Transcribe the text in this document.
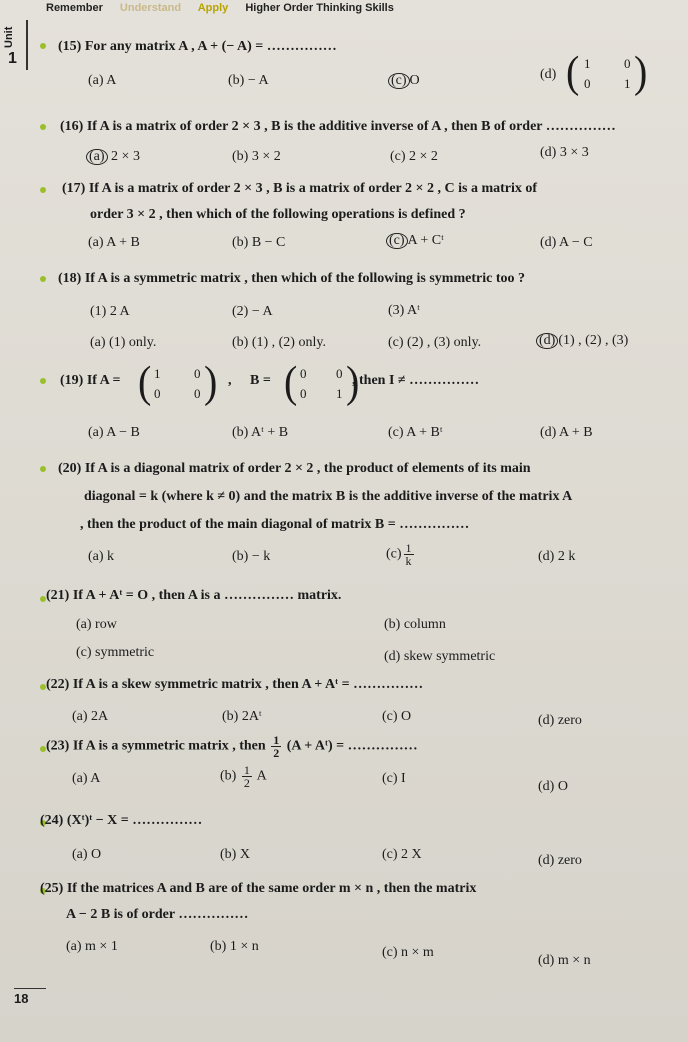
Remember Understand Apply Higher Order Thinking Skills
Unit
1
(15) For any matrix A , A + (− A) = ……………
(a) A	(b) − A	(c) O	(d) ( 1	0
0	1 )
(16) If A is a matrix of order 2 × 3 , B is the additive inverse of A , then B of order ……………
(a) 2 × 3	(b) 3 × 2	(c) 2 × 2	(d) 3 × 3
(17) If A is a matrix of order 2 × 3 , B is a matrix of order 2 × 2 , C is a matrix of
order 3 × 2 , then which of the following operations is defined ?
(a) A + B	(b) B − C	(c) A + Cᵗ	(d) A − C
(18) If A is a symmetric matrix , then which of the following is symmetric too ?
(1) 2 A	(2) − A	(3) Aᵗ
(a) (1) only.	(b) (1) , (2) only.	(c) (2) , (3) only.	(d) (1) , (2) , (3)
(19) If A = ( 1	0
0	0 ) , B = ( 0 0
0 1 )
, then I ≠ ……………
(a) A − B	(b) Aᵗ + B	(c) A + Bᵗ	(d) A + B
(20) If A is a diagonal matrix of order 2 × 2 , the product of elements of its main
diagonal = k (where k ≠ 0) and the matrix B is the additive inverse of the matrix A
, then the product of the main diagonal of matrix B = ……………
(a) k	(b) − k	$(c) \frac{1}{k}$	(d) 2 k
(21) If A + Aᵗ = O , then A is a …………… matrix.
(a) row	(b) column
(c) symmetric	(d) skew symmetric
(22) If A is a skew symmetric matrix , then A + Aᵗ = ……………
(a) 2A	(b) 2Aᵗ	(c) O	(d) zero
(23) If A is a symmetric matrix , then $\frac{1}{2} (A$ + Aᵗ) = ……………
(a) A	$(b) \frac{1}{2}$ A	(c) I
(d) O
(24) (Xᵗ)ᵗ − X = ……………
(a) O	(b) X	(c) 2 X	(d) zero
(25) If the matrices A and B are of the same order m × n , then the matrix
A − 2 B is of order ……………
(a) m × 1	(b) 1 × n	(c) n × m
(d) m × n
18
